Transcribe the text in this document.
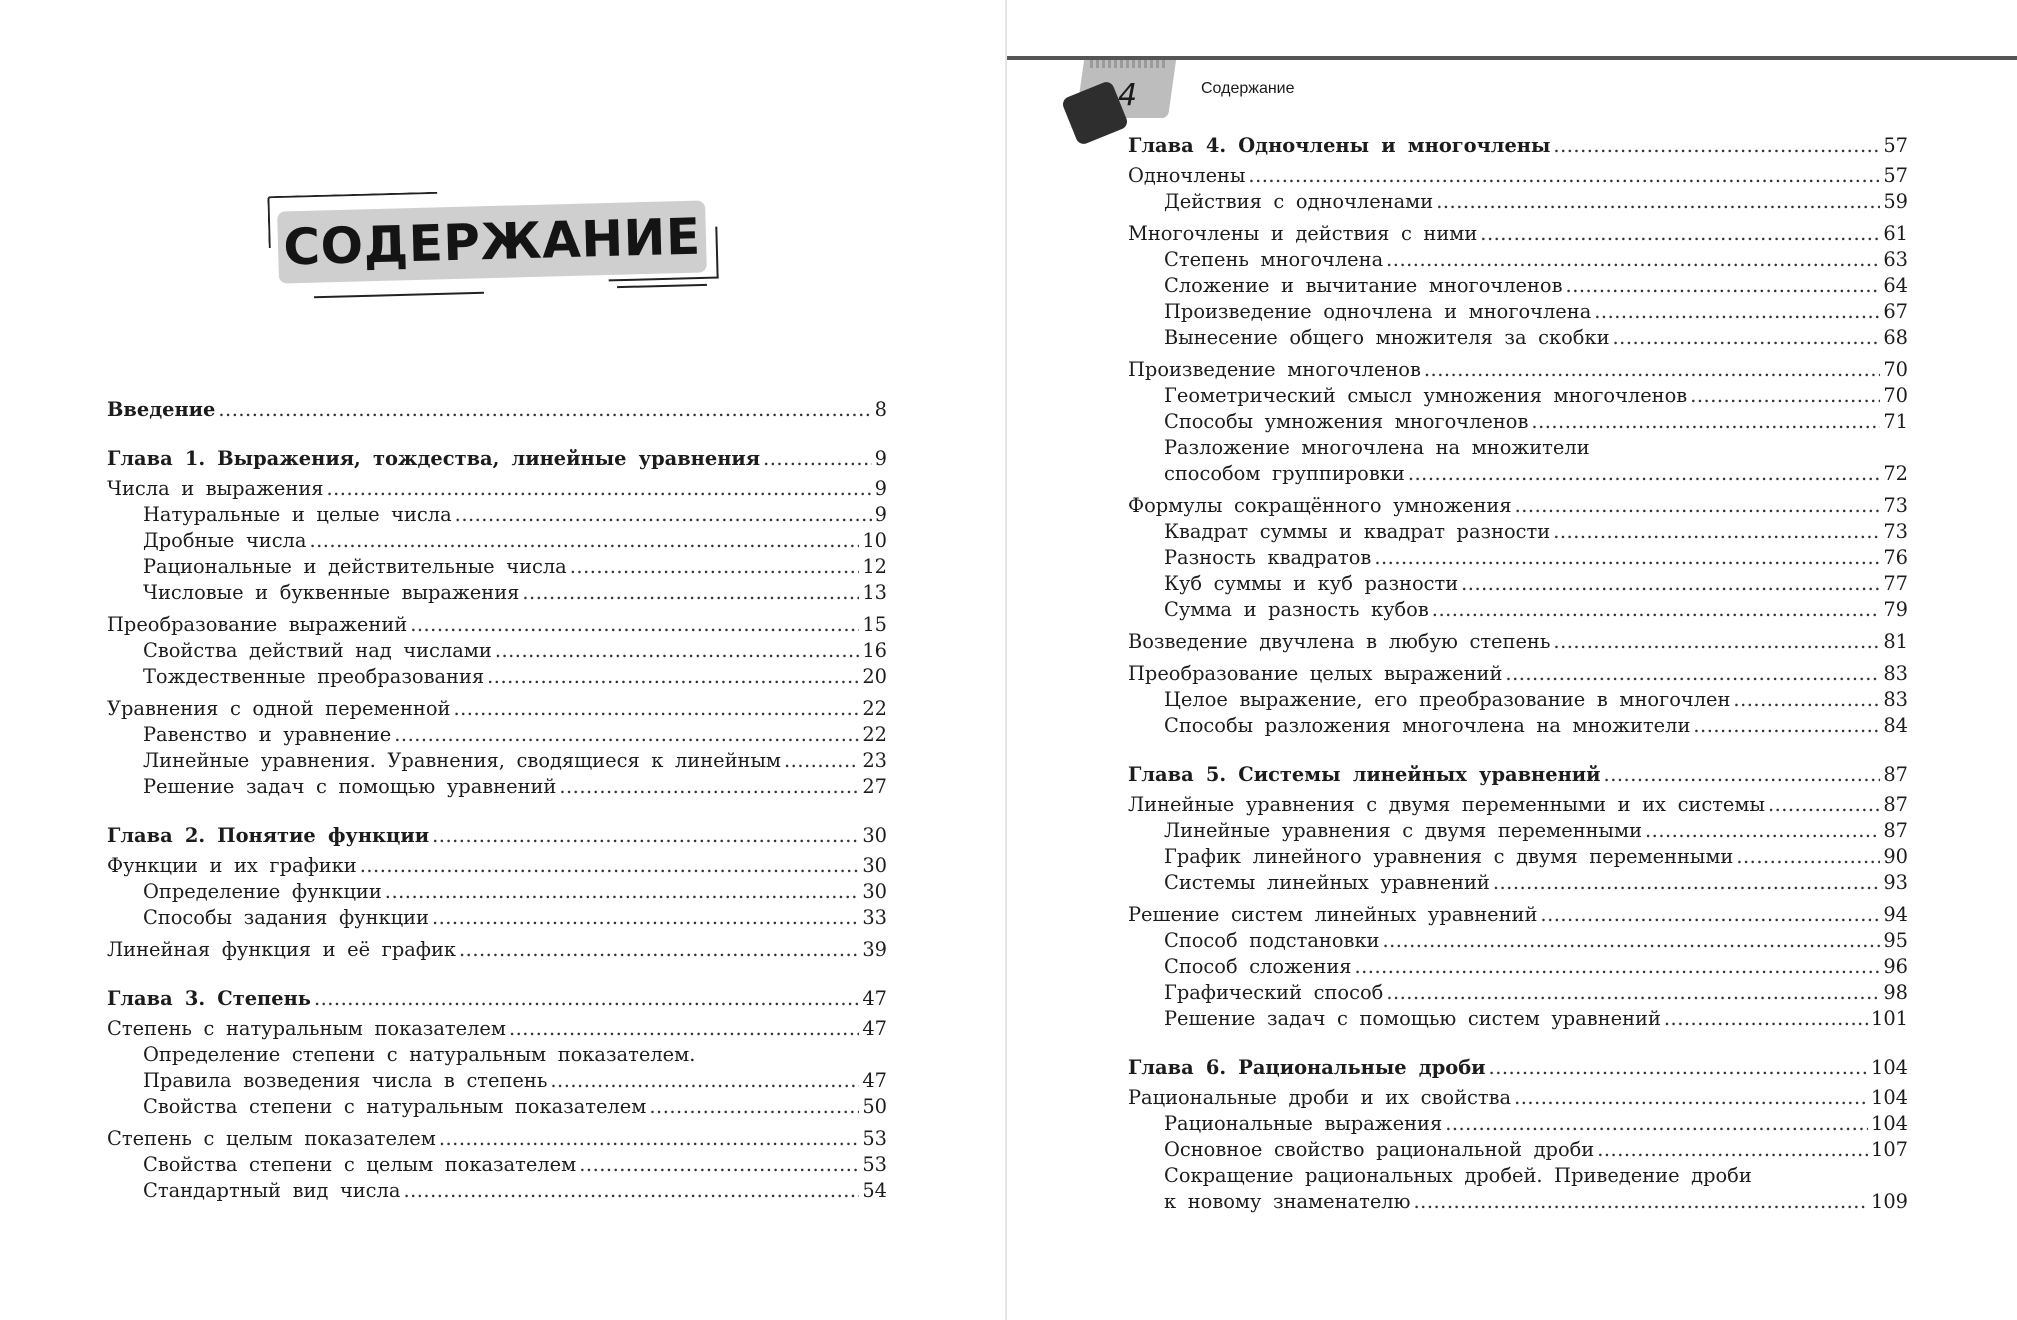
СОДЕРЖАНИЕ
Введение .....	8
Глава 1. Выражения, тождества, линейные уравнения .....	9
Числа и выражения .....	9
Натуральные и целые числа .....	9
Дробные числа .....	10
Рациональные и действительные числа .....	12
Числовые и буквенные выражения .....	13
Преобразование выражений .....	15
Свойства действий над числами .....	16
Тождественные преобразования .....	20
Уравнения с одной переменной .....	22
Равенство и уравнение .....	22
Линейные уравнения. Уравнения, сводящиеся к линейным .....	23
Решение задач с помощью уравнений .....	27
Глава 2. Понятие функции .....	30
Функции и их графики .....	30
Определение функции .....	30
Способы задания функции .....	33
Линейная функция и её график .....	39
Глава 3. Степень .....	47
Степень с натуральным показателем .....	47
Определение степени с натуральным показателем.
Правила возведения числа в степень .....	47
Свойства степени с натуральным показателем .....	50
Степень с целым показателем .....	53
Свойства степени с целым показателем .....	53
Стандартный вид числа .....	54
4	Содержание
Глава 4. Одночлены и многочлены .....	57
Одночлены .....	57
Действия с одночленами .....	59
Многочлены и действия с ними .....	61
Степень многочлена .....	63
Сложение и вычитание многочленов .....	64
Произведение одночлена и многочлена .....	67
Вынесение общего множителя за скобки .....	68
Произведение многочленов .....	70
Геометрический смысл умножения многочленов .....	70
Способы умножения многочленов .....	71
Разложение многочлена на множители
способом группировки .....	72
Формулы сокращённого умножения .....	73
Квадрат суммы и квадрат разности .....	73
Разность квадратов .....	76
Куб суммы и куб разности .....	77
Сумма и разность кубов .....	79
Возведение двучлена в любую степень .....	81
Преобразование целых выражений .....	83
Целое выражение, его преобразование в многочлен .....	83
Способы разложения многочлена на множители .....	84
Глава 5. Системы линейных уравнений .....	87
Линейные уравнения с двумя переменными и их системы .....	87
Линейные уравнения с двумя переменными .....	87
График линейного уравнения с двумя переменными .....	90
Системы линейных уравнений .....	93
Решение систем линейных уравнений .....	94
Способ подстановки .....	95
Способ сложения .....	96
Графический способ .....	98
Решение задач с помощью систем уравнений .....	101
Глава 6. Рациональные дроби .....	104
Рациональные дроби и их свойства .....	104
Рациональные выражения .....	104
Основное свойство рациональной дроби .....	107
Сокращение рациональных дробей. Приведение дроби
к новому знаменателю .....	109
